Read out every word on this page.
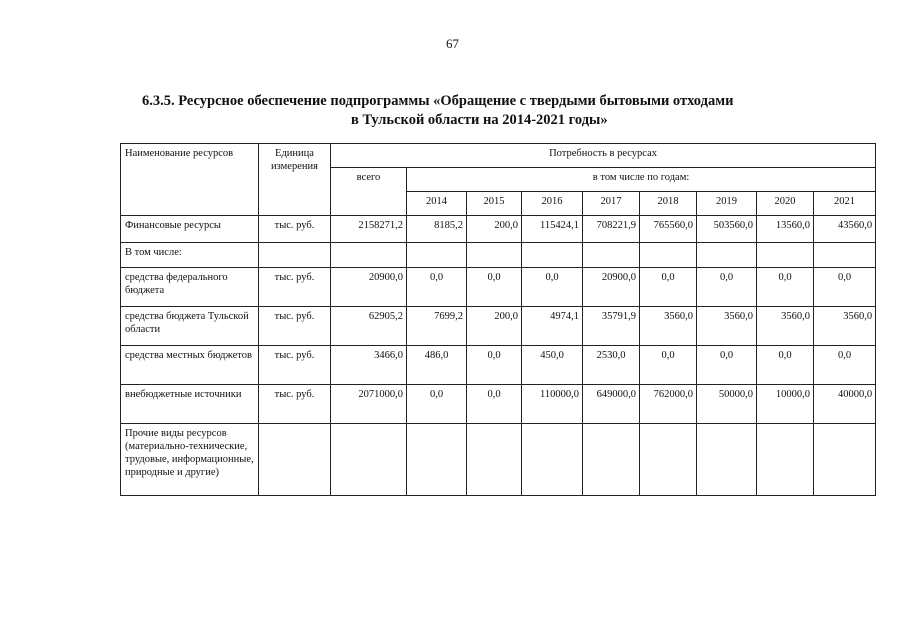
67
6.3.5. Ресурсное обеспечение подпрограммы «Обращение с твердыми бытовыми отходами
в Тульской области на 2014-2021 годы»
Наименование ресурсов	Единица измерения	Потребность в ресурсах								
		всего	в том числе по годам:							
			2014	2015	2016	2017	2018	2019	2020	2021
Финансовые ресурсы	тыс. руб.	2158271,2	8185,2	200,0	115424,1	708221,9	765560,0	503560,0	13560,0	43560,0
В том числе:										
средства федерального бюджета	тыс. руб.	20900,0	0,0	0,0	0,0	20900,0	0,0	0,0	0,0	0,0
средства бюджета Тульской области	тыс. руб.	62905,2	7699,2	200,0	4974,1	35791,9	3560,0	3560,0	3560,0	3560,0
средства местных бюджетов	тыс. руб.	3466,0	486,0	0,0	450,0	2530,0	0,0	0,0	0,0	0,0
внебюджетные источники	тыс. руб.	2071000,0	0,0	0,0	110000,0	649000,0	762000,0	50000,0	10000,0	40000,0
Прочие виды ресурсов (материально-технические, трудовые, информационные, природные и другие)										
